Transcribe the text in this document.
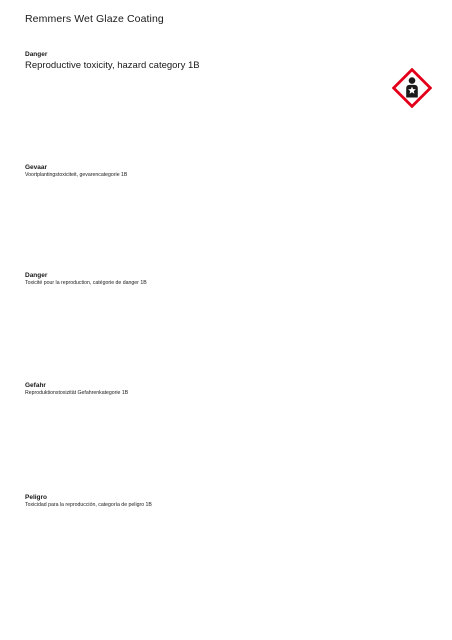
Remmers Wet Glaze Coating
Danger
Reproductive toxicity, hazard category 1B
Gevaar
Voortplantingstoxiciteit, gevarencategorie 1B
Danger
Toxicité pour la reproduction, catégorie de danger 1B
Gefahr
Reproduktionstoxizität Gefahrenkategorie 1B
Peligro
Toxicidad para la reproducción, categoría de peligro 1B
